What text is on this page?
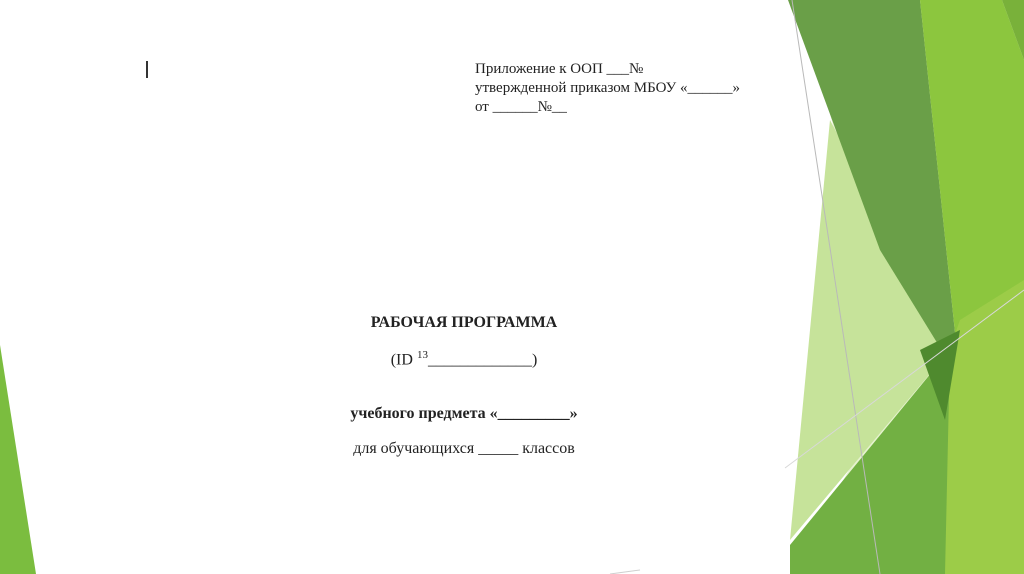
Приложение к ООП ___№
утвержденной приказом МБОУ «______»
от ______№__
РАБОЧАЯ ПРОГРАММА
(ID $^{13}$_____________)
учебного предмета «_________»
для обучающихся _____ классов
